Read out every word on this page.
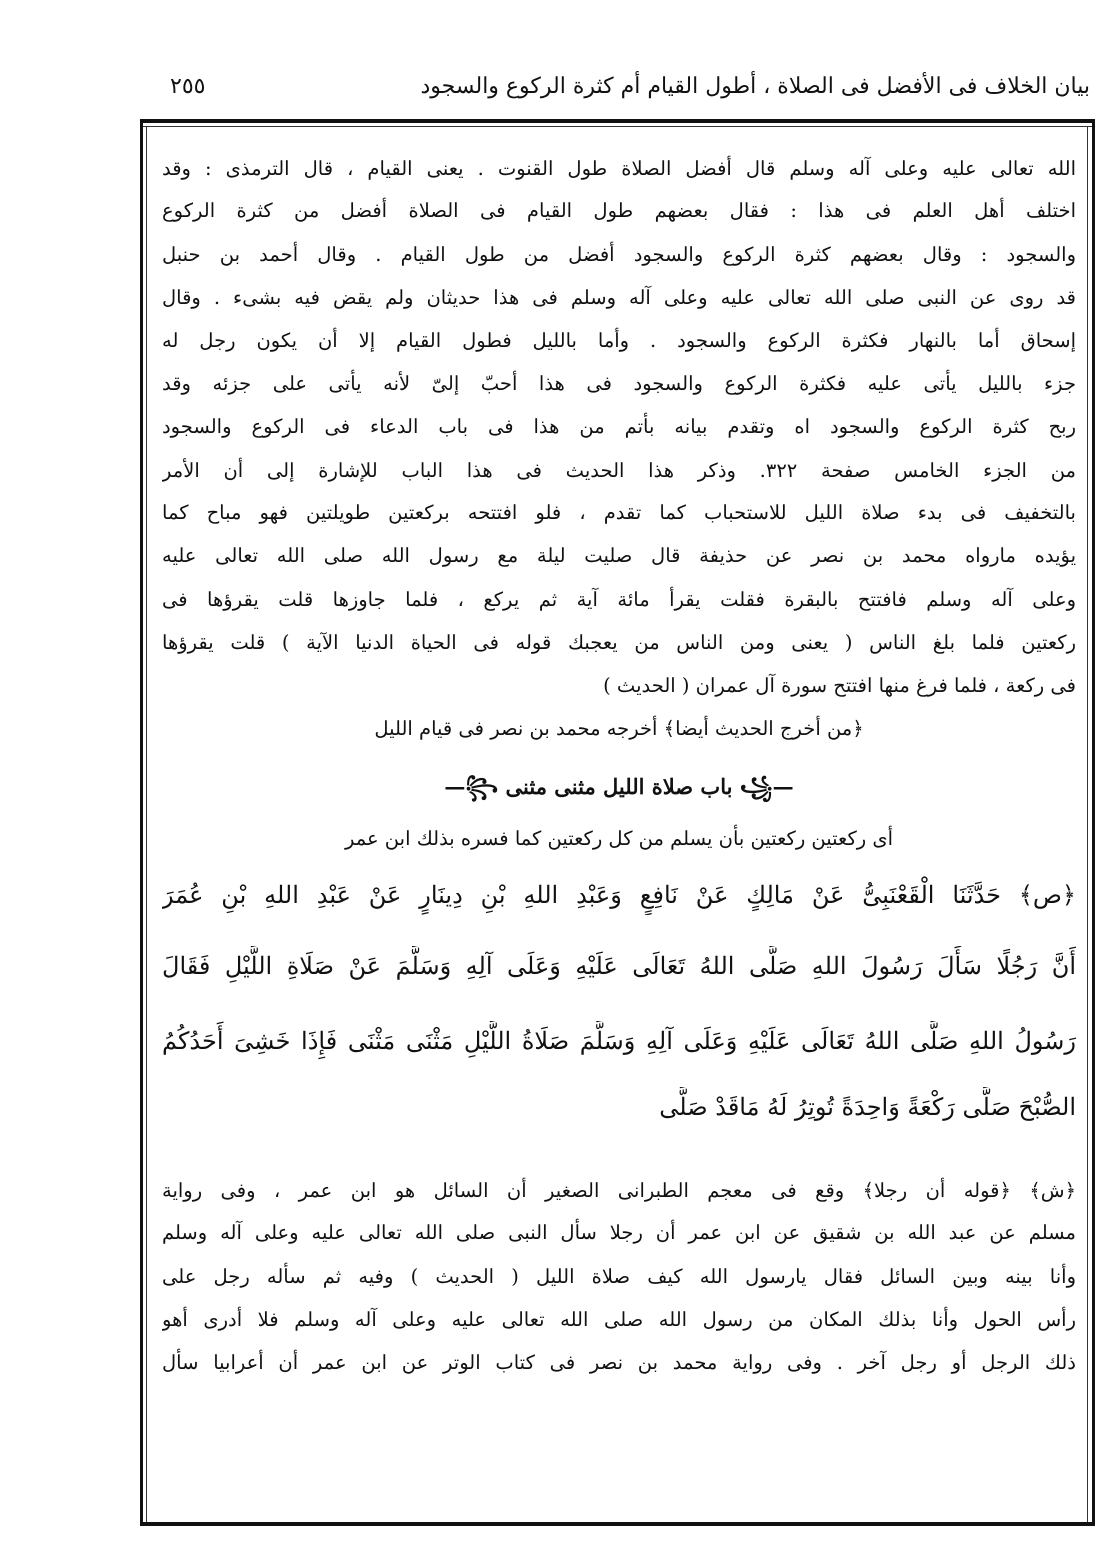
بيان الخلاف فى الأفضل فى الصلاة ، أطول القيام أم كثرة الركوع والسجود
٢٥٥
الله تعالى عليه وعلى آله وسلم قال أفضل الصلاة طول القنوت . يعنى القيام ، قال الترمذى : وقد
اختلف أهل العلم فى هذا : فقال بعضهم طول القيام فى الصلاة أفضل من كثرة الركوع
والسجود : وقال بعضهم كثرة الركوع والسجود أفضل من طول القيام . وقال أحمد بن حنبل
قد روى عن النبى صلى الله تعالى عليه وعلى آله وسلم فى هذا حديثان ولم يقض فيه بشىء . وقال
إسحاق أما بالنهار فكثرة الركوع والسجود . وأما بالليل فطول القيام إلا أن يكون رجل له
جزء بالليل يأتى عليه فكثرة الركوع والسجود فى هذا أحبّ إلىّ لأنه يأتى على جزئه وقد
ربح كثرة الركوع والسجود اه وتقدم بيانه بأتم من هذا فى باب الدعاء فى الركوع والسجود
من الجزء الخامس صفحة ٣٢٢. وذكر هذا الحديث فى هذا الباب للإشارة إلى أن الأمر
بالتخفيف فى بدء صلاة الليل للاستحباب كما تقدم ، فلو افتتحه بركعتين طويلتين فهو مباح كما
يؤيده مارواه محمد بن نصر عن حذيفة قال صليت ليلة مع رسول الله صلى الله تعالى عليه
وعلى آله وسلم فافتتح بالبقرة فقلت يقرأ مائة آية ثم يركع ، فلما جاوزها قلت يقرؤها فى
ركعتين فلما بلغ الناس ( يعنى ومن الناس من يعجبك قوله فى الحياة الدنيا الآية ) قلت يقرؤها
فى ركعة ، فلما فرغ منها افتتح سورة آل عمران ( الحديث )
﴿من أخرج الحديث أيضا﴾ أخرجه محمد بن نصر فى قيام الليل
—꧁ باب صلاة الليل مثنى مثنى ꧂—
أى ركعتين ركعتين بأن يسلم من كل ركعتين كما فسره بذلك ابن عمر
﴿ص﴾ حَدَّثَنَا الْقَعْنَبِىُّ عَنْ مَالِكٍ عَنْ نَافِعٍ وَعَبْدِ اللهِ بْنِ دِينَارٍ عَنْ عَبْدِ اللهِ بْنِ عُمَرَ
أَنَّ رَجُلًا سَأَلَ رَسُولَ اللهِ صَلَّى اللهُ تَعَالَى عَلَيْهِ وَعَلَى آلِهِ وَسَلَّمَ عَنْ صَلَاةِ اللَّيْلِ فَقَالَ
رَسُولُ اللهِ صَلَّى اللهُ تَعَالَى عَلَيْهِ وَعَلَى آلِهِ وَسَلَّمَ صَلَاةُ اللَّيْلِ مَثْنَى مَثْنَى فَإِذَا خَشِىَ أَحَدُكُمُ
الصُّبْحَ صَلَّى رَكْعَةً وَاحِدَةً تُوتِرُ لَهُ مَاقَدْ صَلَّى
﴿ش﴾ ﴿قوله أن رجلا﴾ وقع فى معجم الطبرانى الصغير أن السائل هو ابن عمر ، وفى رواية
مسلم عن عبد الله بن شقيق عن ابن عمر أن رجلا سأل النبى صلى الله تعالى عليه وعلى آله وسلم
وأنا بينه وبين السائل فقال يارسول الله كيف صلاة الليل ( الحديث ) وفيه ثم سأله رجل على
رأس الحول وأنا بذلك المكان من رسول الله صلى الله تعالى عليه وعلى آله وسلم فلا أدرى أهو
ذلك الرجل أو رجل آخر . وفى رواية محمد بن نصر فى كتاب الوتر عن ابن عمر أن أعرابيا سأل
